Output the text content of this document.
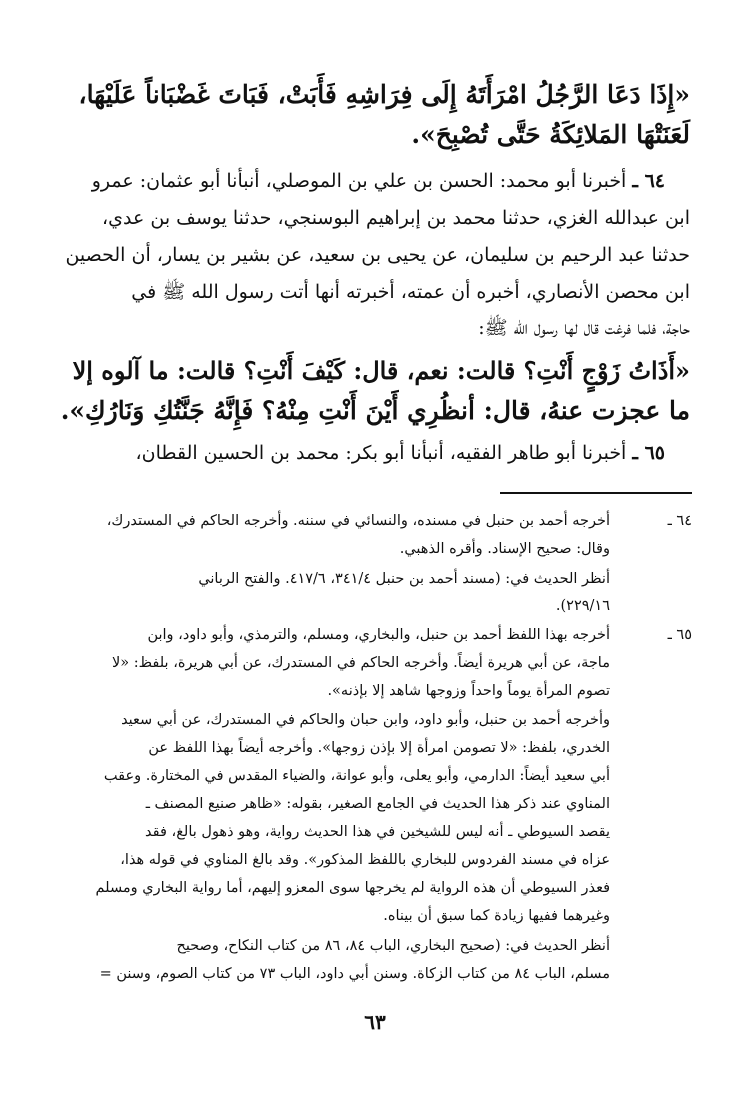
«إِذَا دَعَا الرَّجُلُ امْرَأَتَهُ إِلَى فِرَاشِهِ فَأَبَتْ، فَبَاتَ غَضْبَاناً عَلَيْهَا،
لَعَنَتْهَا المَلائِكَةُ حَتَّى تُصْبِحَ».
٦٤ ـ أخبرنا أبو محمد: الحسن بن علي بن الموصلي، أنبأنا أبو عثمان: عمرو
ابن عبدالله الغزي، حدثنا محمد بن إبراهيم البوسنجي، حدثنا يوسف بن عدي،
حدثنا عبد الرحيم بن سليمان، عن يحيى بن سعيد، عن بشير بن يسار، أن الحصين
ابن محصن الأنصاري، أخبره أن عمته، أخبرته أنها أتت رسول الله ﷺ في
حاجة، فلما فرغت قال لها رسول الله ﷺ:
«أَذَاتُ زَوْجٍ أَنْتِ؟ قالت: نعم، قال: كَيْفَ أَنْتِ؟ قالت: ما آلوه إلا
ما عجزت عنهُ، قال: أنظُرِي أَيْنَ أَنْتِ مِنْهُ؟ فَإِنَّهُ جَنَّتُكِ وَنَارُكِ».
٦٥ ـ أخبرنا أبو طاهر الفقيه، أنبأنا أبو بكر: محمد بن الحسين القطان،
٦٤ ـ
أخرجه أحمد بن حنبل في مسنده، والنسائي في سننه. وأخرجه الحاكم في المستدرك،
وقال: صحيح الإسناد. وأقره الذهبي.
أنظر الحديث في: (مسند أحمد بن حنبل ٣٤١/٤، ٤١٧/٦. والفتح الرباني
٢٢٩/١٦).
٦٥ ـ
أخرجه بهذا اللفظ أحمد بن حنبل، والبخاري، ومسلم، والترمذي، وأبو داود، وابن
ماجة، عن أبي هريرة أيضاً. وأخرجه الحاكم في المستدرك، عن أبي هريرة، بلفظ: «لا
تصوم المرأة يوماً واحداً وزوجها شاهد إلا بإذنه».
وأخرجه أحمد بن حنبل، وأبو داود، وابن حبان والحاكم في المستدرك، عن أبي سعيد
الخدري، بلفظ: «لا تصومن امرأة إلا بإذن زوجها». وأخرجه أيضاً بهذا اللفظ عن
أبي سعيد أيضاً: الدارمي، وأبو يعلى، وأبو عوانة، والضياء المقدس في المختارة. وعقب
المناوي عند ذكر هذا الحديث في الجامع الصغير، بقوله: «ظاهر صنيع المصنف ـ
يقصد السيوطي ـ أنه ليس للشيخين في هذا الحديث رواية، وهو ذهول بالغ، فقد
عزاه في مسند الفردوس للبخاري باللفظ المذكور». وقد بالغ المناوي في قوله هذا،
فعذر السيوطي أن هذه الرواية لم يخرجها سوى المعزو إليهم، أما رواية البخاري ومسلم
وغيرهما ففيها زيادة كما سبق أن بيناه.
أنظر الحديث في: (صحيح البخاري، الباب ٨٤، ٨٦ من كتاب النكاح، وصحيح
مسلم، الباب ٨٤ من كتاب الزكاة. وسنن أبي داود، الباب ٧٣ من كتاب الصوم، وسنن =
٦٣
